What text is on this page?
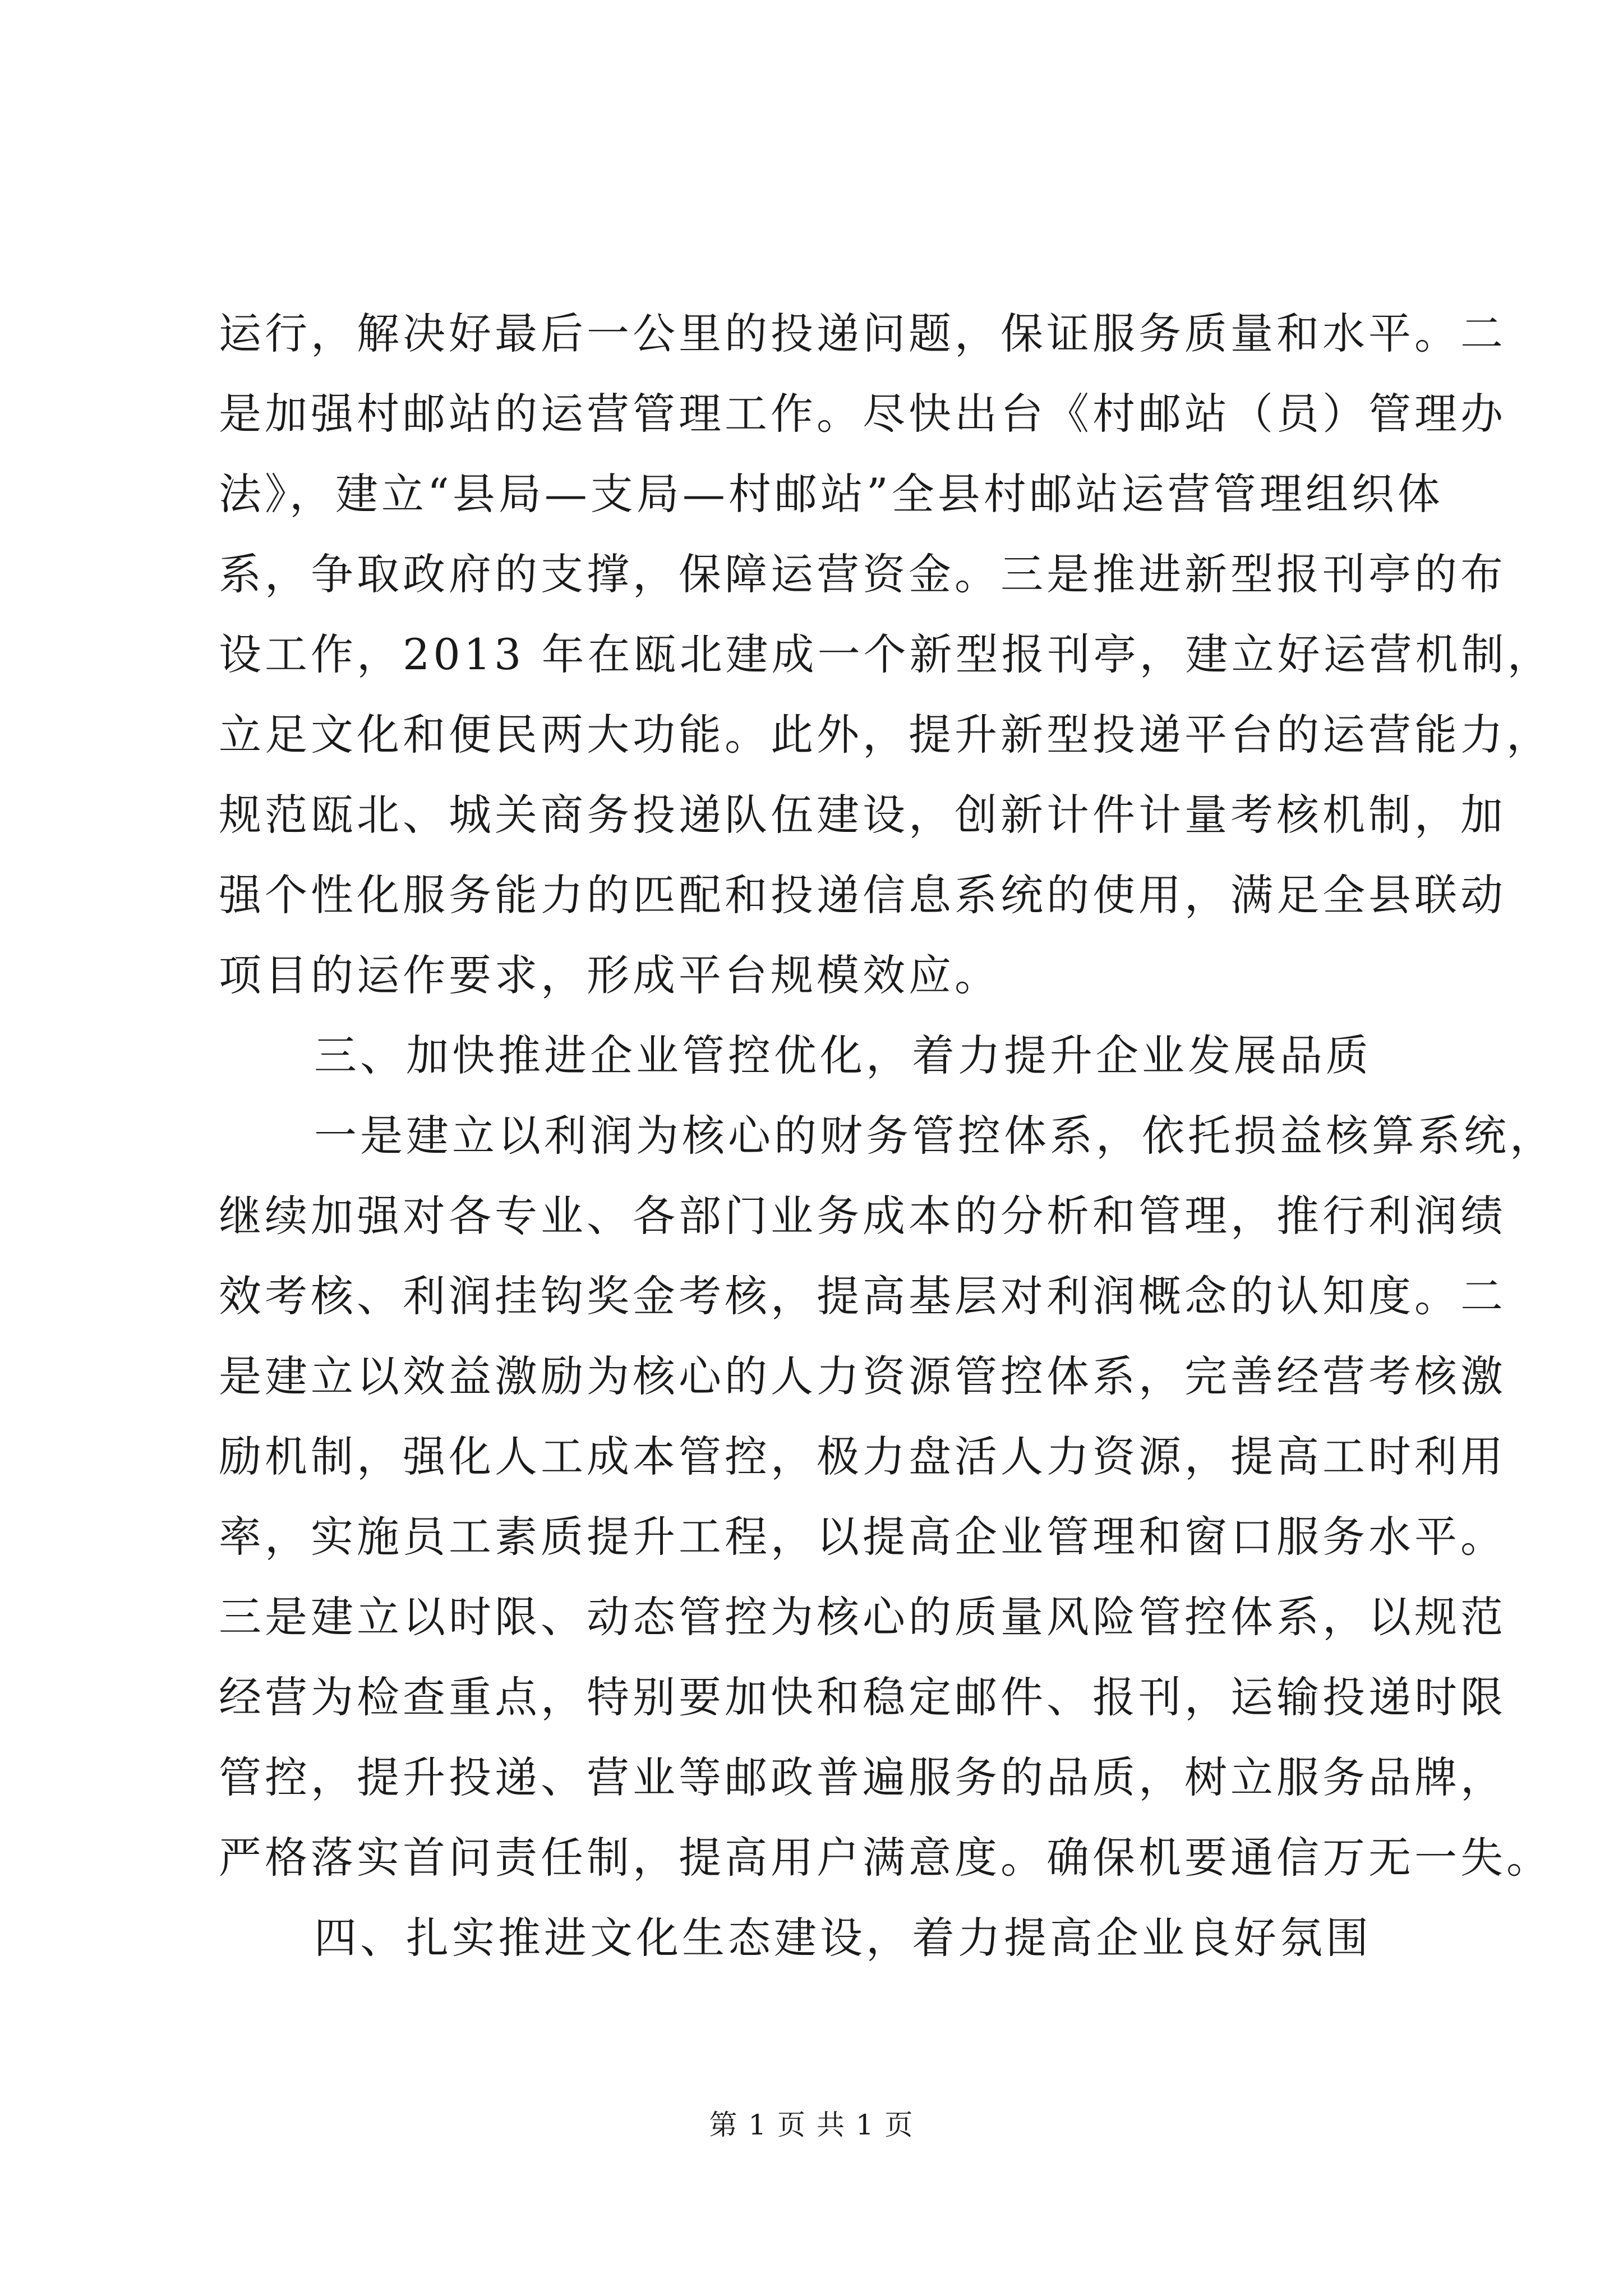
运行，解决好最后一公里的投递问题，保证服务质量和水平。二
是加强村邮站的运营管理工作。尽快出台《村邮站（员）管理办
法》，建立“县局—支局—村邮站”全县村邮站运营管理组织体
系，争取政府的支撑，保障运营资金。三是推进新型报刊亭的布
设工作，2013 年在瓯北建成一个新型报刊亭，建立好运营机制，
立足文化和便民两大功能。此外，提升新型投递平台的运营能力，
规范瓯北、城关商务投递队伍建设，创新计件计量考核机制，加
强个性化服务能力的匹配和投递信息系统的使用，满足全县联动
项目的运作要求，形成平台规模效应。
三、加快推进企业管控优化，着力提升企业发展品质
一是建立以利润为核心的财务管控体系，依托损益核算系统，
继续加强对各专业、各部门业务成本的分析和管理，推行利润绩
效考核、利润挂钩奖金考核，提高基层对利润概念的认知度。二
是建立以效益激励为核心的人力资源管控体系，完善经营考核激
励机制，强化人工成本管控，极力盘活人力资源，提高工时利用
率，实施员工素质提升工程，以提高企业管理和窗口服务水平。
三是建立以时限、动态管控为核心的质量风险管控体系，以规范
经营为检查重点，特别要加快和稳定邮件、报刊，运输投递时限
管控，提升投递、营业等邮政普遍服务的品质，树立服务品牌，
严格落实首问责任制，提高用户满意度。确保机要通信万无一失。
四、扎实推进文化生态建设，着力提高企业良好氛围
第 1 页 共 1 页
